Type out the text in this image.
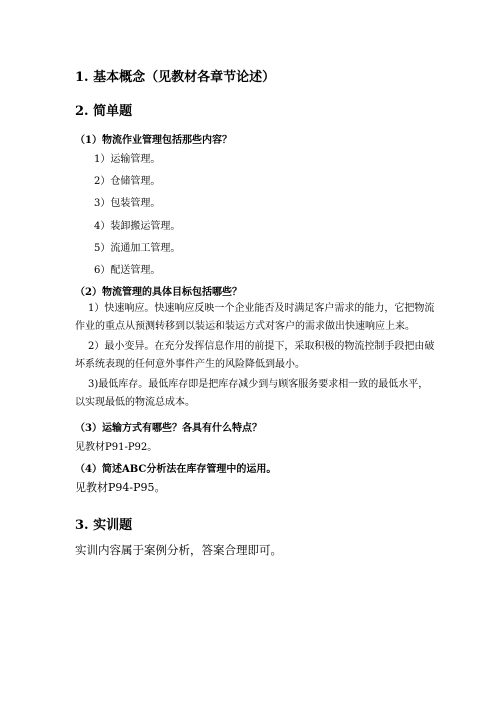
1. 基本概念（见教材各章节论述）
2. 简单题
（1）物流作业管理包括那些内容？
1）运输管理。
2）仓储管理。
3）包装管理。
4）装卸搬运管理。
5）流通加工管理。
6）配送管理。
（2）物流管理的具体目标包括哪些？
1）快速响应。快速响应反映一个企业能否及时满足客户需求的能力，它把物流作业的重点从预测转移到以装运和装运方式对客户的需求做出快速响应上来。
2）最小变异。在充分发挥信息作用的前提下，采取积极的物流控制手段把由破坏系统表现的任何意外事件产生的风险降低到最小。
3)最低库存。最低库存即是把库存减少到与顾客服务要求相一致的最低水平，以实现最低的物流总成本。
（3）运输方式有哪些？各具有什么特点？
见教材P91-P92。
（4）简述ABC分析法在库存管理中的运用。
见教材P94-P95。
3. 实训题
实训内容属于案例分析，答案合理即可。
